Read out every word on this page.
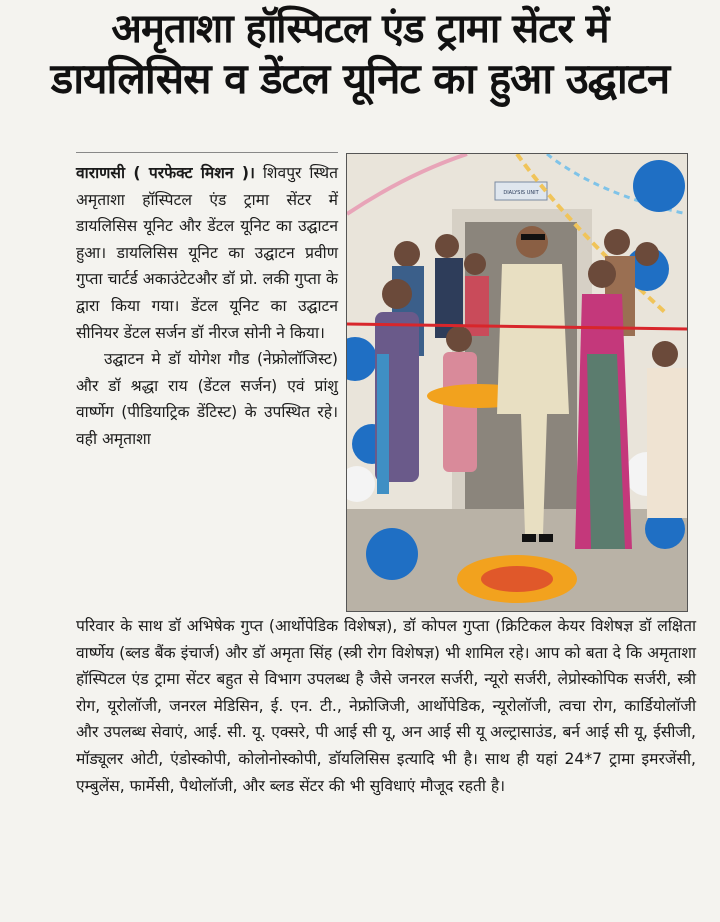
अमृताशा हॉस्पिटल एंड ट्रामा सेंटर में
डायलिसिस व डेंटल यूनिट का हुआ उद्घाटन

वाराणसी ( परफेक्ट मिशन )। शिवपुर स्थित अमृताशा हॉस्पिटल एंड ट्रामा सेंटर में डायलिसिस यूनिट और डेंटल यूनिट का उद्घाटन हुआ। डायलिसिस यूनिट का उद्घाटन प्रवीण गुप्ता चार्टर्ड अकाउंटेटऔर डॉ प्रो. लकी गुप्ता के द्वारा किया गया। डेंटल यूनिट का उद्घाटन सीनियर डेंटल सर्जन डॉ नीरज सोनी ने किया।

उद्घाटन मे डॉ योगेश गौड (नेफ्रोलॉजिस्ट) और डॉ श्रद्धा राय (डेंटल सर्जन) एवं प्रांशु वार्ष्णेग (पीडियाट्रिक डेंटिस्ट) के उपस्थित रहे। वही अमृताशा

DIALYSIS UNIT

परिवार के साथ डॉ अभिषेक गुप्त (आर्थोपेडिक विशेषज्ञ), डॉ कोपल गुप्ता (क्रिटिकल केयर विशेषज्ञ डॉ लक्षिता वार्ष्णेय (ब्लड बैंक इंचार्ज) और डॉ अमृता सिंह (स्त्री रोग विशेषज्ञ) भी शामिल रहे। आप को बता दे कि अमृताशा हॉस्पिटल एंड ट्रामा सेंटर बहुत से विभाग उपलब्ध है जैसे जनरल सर्जरी, न्यूरो सर्जरी, लेप्रोस्कोपिक सर्जरी, स्त्री रोग, यूरोलॉजी, जनरल मेडिसिन, ई. एन. टी., नेफ्रोजिजी, आर्थोपेडिक, न्यूरोलॉजी, त्वचा रोग, कार्डियोलॉजी और उपलब्ध सेवाएं, आई. सी. यू. एक्सरे, पी आई सी यू, अन आई सी यू अल्ट्रासाउंड, बर्न आई सी यू, ईसीजी, मॉड्यूलर ओटी, एंडोस्कोपी, कोलोनोस्कोपी, डॉयलिसिस इत्यादि भी है। साथ ही यहां 24*7 ट्रामा इमरजेंसी, एम्बुलेंस, फार्मेसी, पैथोलॉजी, और ब्लड सेंटर की भी सुविधाएं मौजूद रहती है।
